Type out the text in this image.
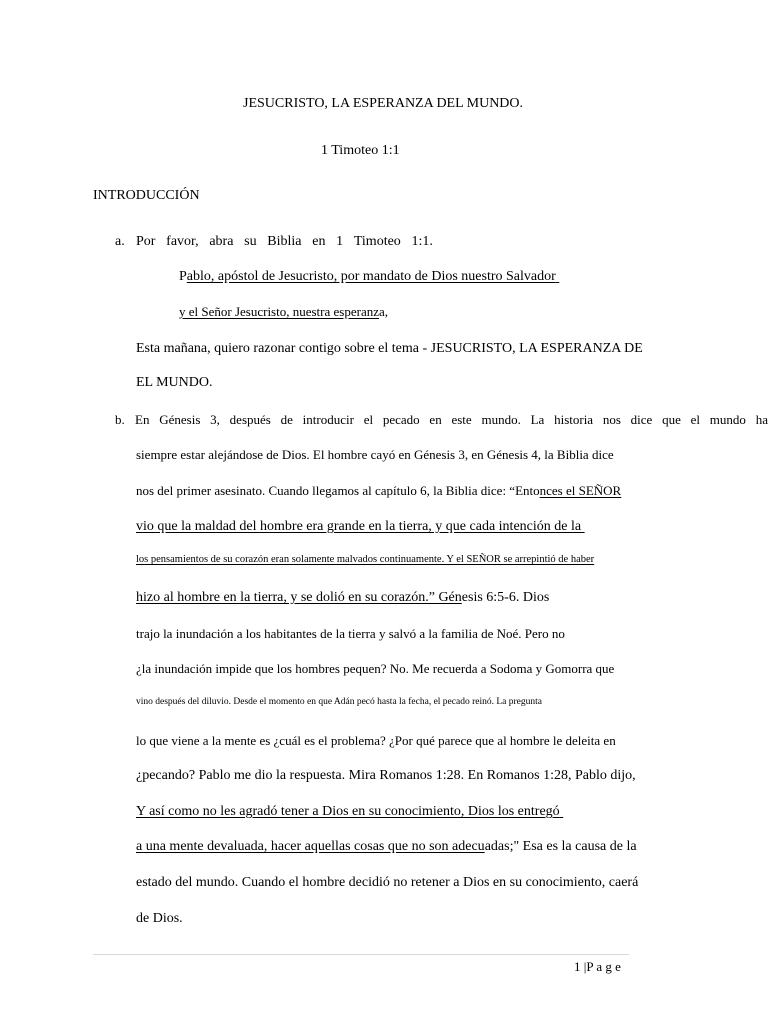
JESUCRISTO, LA ESPERANZA DEL MUNDO.
1 Timoteo 1:1
INTRODUCCIÓN
a. Por favor, abra su Biblia en 1 Timoteo 1:1.
Pablo, apóstol de Jesucristo, por mandato de Dios nuestro Salvador
y el Señor Jesucristo, nuestra esperanza,
Esta mañana, quiero razonar contigo sobre el tema - JESUCRISTO, LA ESPERANZA DE
EL MUNDO.
b. En Génesis 3, después de introducir el pecado en este mundo. La historia nos dice que el mundo ha
siempre estar alejándose de Dios. El hombre cayó en Génesis 3, en Génesis 4, la Biblia dice
nos del primer asesinato. Cuando llegamos al capítulo 6, la Biblia dice: “Entonces el SEÑOR
vio que la maldad del hombre era grande en la tierra, y que cada intención de la
los pensamientos de su corazón eran solamente malvados continuamente. Y el SEÑOR se arrepintió de haber
hizo al hombre en la tierra, y se dolió en su corazón.” Génesis 6:5-6. Dios
trajo la inundación a los habitantes de la tierra y salvó a la familia de Noé. Pero no
¿la inundación impide que los hombres pequen? No. Me recuerda a Sodoma y Gomorra que
vino después del diluvio. Desde el momento en que Adán pecó hasta la fecha, el pecado reinó. La pregunta
lo que viene a la mente es ¿cuál es el problema? ¿Por qué parece que al hombre le deleita en
¿pecando? Pablo me dio la respuesta. Mira Romanos 1:28. En Romanos 1:28, Pablo dijo,
Y así como no les agradó tener a Dios en su conocimiento, Dios los entregó
a una mente devaluada, hacer aquellas cosas que no son adecuadas;" Esa es la causa de la
estado del mundo. Cuando el hombre decidió no retener a Dios en su conocimiento, caerá
de Dios.
1 |P a g e
